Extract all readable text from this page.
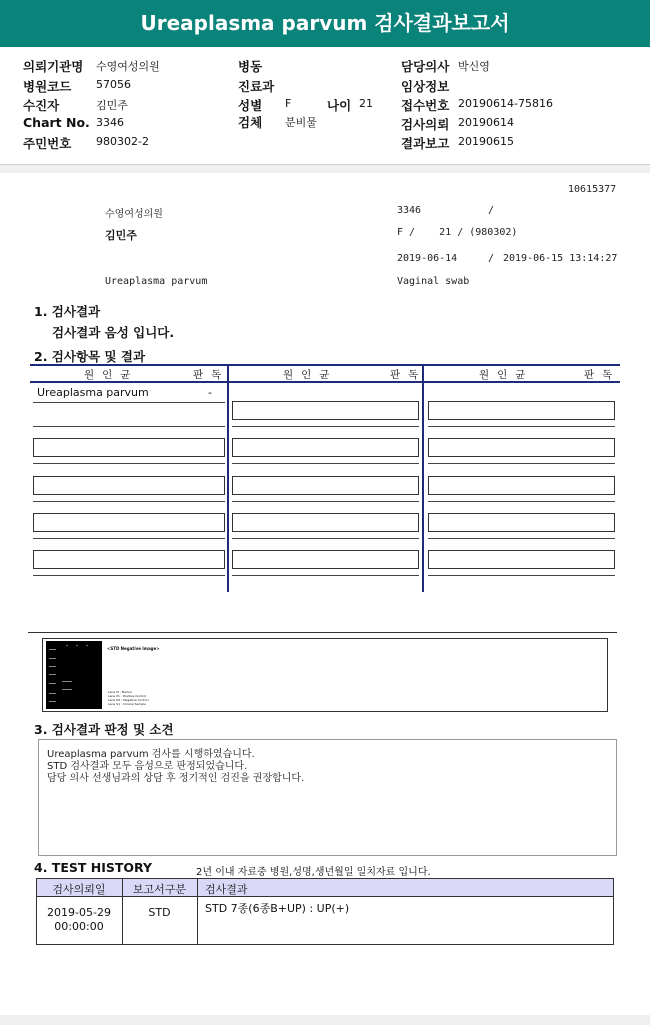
Ureaplasma parvum 검사결과보고서
의뢰기관명 수영여성의원	병동	담당의사 박신영
병원코드 57056	진료과	임상정보
수진자	김민주	성별 F	나이 21 접수번호 20190614-75816
Chart No. 3346	검체 분비물	검사의뢰 20190614
주민번호 980302-2	결과보고 20190615
10615377
수영여성의원	3346	/
김민주	F /    21 / (980302)
2019-06-14	/ 2019-06-15 13:14:27
Ureaplasma parvum	Vaginal swab
1. 검사결과
검사결과 음성 입니다.
2. 검사항목 및 결과
원인균	판독	원인균	판독	원인균	판독
Ureaplasma parvum	-
<STD Negative Image>
Lane M : Marker
Lane P1 : Positive Control
Lane N1 : Negative Control
Lane S1 : Clinical Sample
3. 검사결과 판정 및 소견
Ureaplasma parvum 검사를 시행하였습니다.
STD 검사결과 모두 음성으로 판정되었습니다.
담당 의사 선생님과의 상담 후 정기적인 검진을 권장합니다.
4. TEST HISTORY	2년 이내 자료중 병원,성명,생년월일 일치자료 입니다.
검사의뢰일	보고서구분	검사결과
2019-05-29
00:00:00
STD	STD 7종(6종B+UP) : UP(+)
